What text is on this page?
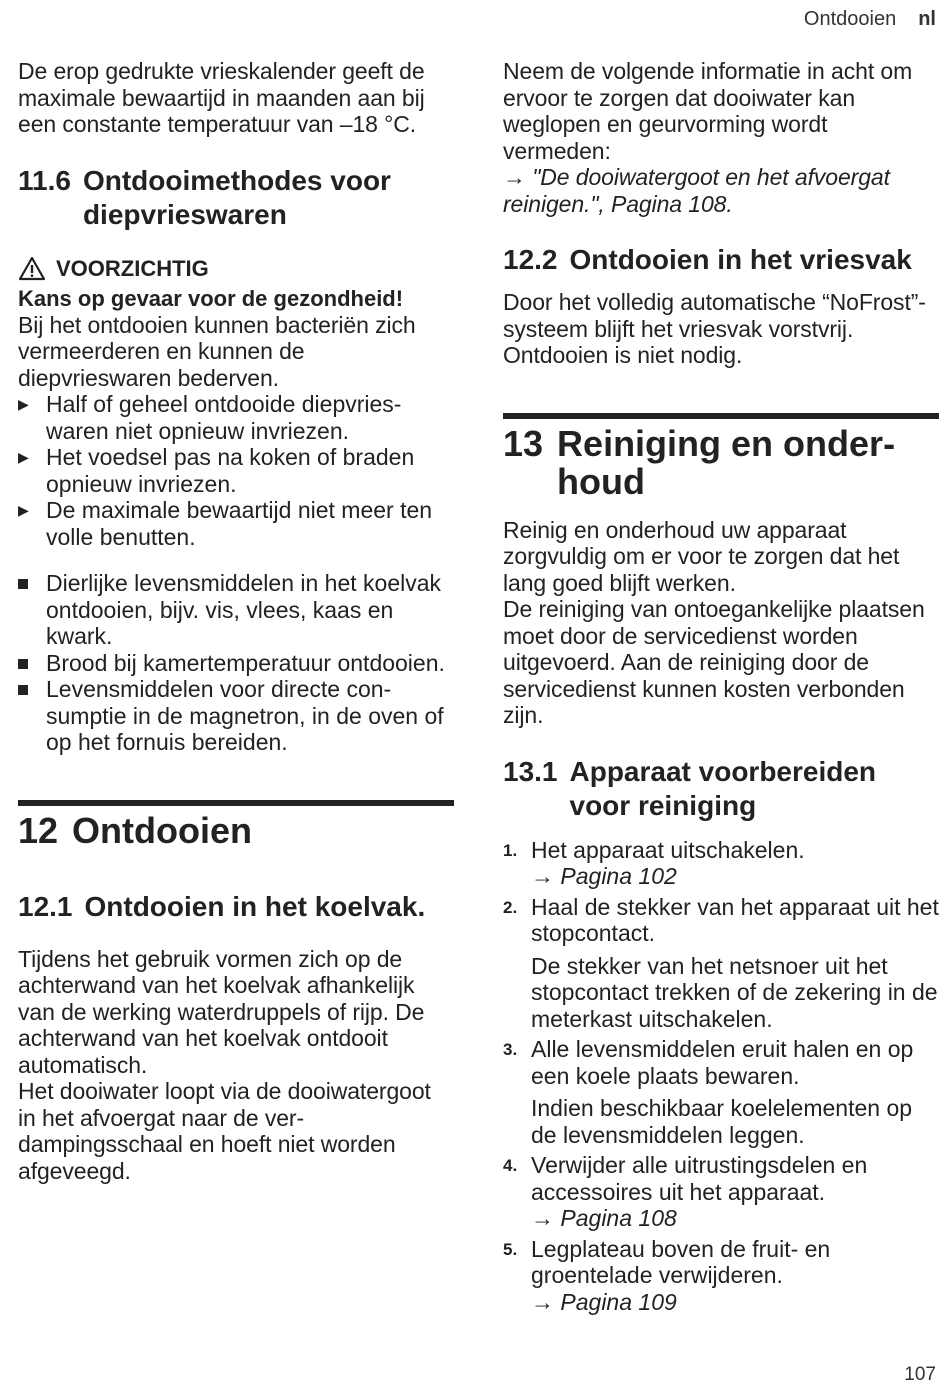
Ontdooien nl

De erop gedrukte vrieskalender geeft de maximale bewaartijd in maanden aan bij een constante temperatuur van –18 °C.

11.6 Ontdooimethodes voor diepvrieswaren
VOORZICHTIG
Kans op gevaar voor de gezondheid!

Bij het ontdooien kunnen bacteriën zich vermeerderen en kunnen de diepvrieswaren bederven.

▶ Half of geheel ontdooide diepvrieswaren niet opnieuw invriezen.
▶ Het voedsel pas na koken of braden opnieuw invriezen.
▶ De maximale bewaartijd niet meer ten volle benutten.
Dierlijke levensmiddelen in het koelvak ontdooien, bijv. vis, vlees, kaas en kwark.
Brood bij kamertemperatuur ontdooien.
Levensmiddelen voor directe consumptie in de magnetron, in de oven of op het fornuis bereiden.
12 Ontdooien
12.1 Ontdooien in het koelvak.

Tijdens het gebruik vormen zich op de achterwand van het koelvak afhankelijk van de werking waterdruppels of rijp. De achterwand van het koelvak ontdooit automatisch.

Het dooiwater loopt via de dooiwatergoot in het afvoergat naar de verdampingsschaal en hoeft niet worden afgeveegd.

Neem de volgende informatie in acht om ervoor te zorgen dat dooiwater kan weglopen en geurvorming wordt vermeden:

→ "De dooiwatergoot en het afvoergat reinigen.", Pagina 108.

12.2 Ontdooien in het vriesvak

Door het volledig automatische “NoFrost”-systeem blijft het vriesvak vorstvrij. Ontdooien is niet nodig.

13 Reiniging en onderhoud

Reinig en onderhoud uw apparaat zorgvuldig om er voor te zorgen dat het lang goed blijft werken.

De reiniging van ontoegankelijke plaatsen moet door de servicedienst worden uitgevoerd. Aan de reiniging door de servicedienst kunnen kosten verbonden zijn.

13.1 Apparaat voorbereiden voor reiniging
1. Het apparaat uitschakelen.
→ Pagina 102
2. Haal de stekker van het apparaat uit het stopcontact.
De stekker van het netsnoer uit het stopcontact trekken of de zekering in de meterkast uitschakelen.
3. Alle levensmiddelen eruit halen en op een koele plaats bewaren.
Indien beschikbaar koelelementen op de levensmiddelen leggen.
4. Verwijder alle uitrustingsdelen en accessoires uit het apparaat.
→ Pagina 108
5. Legplateau boven de fruit- en groentelade verwijderen.
→ Pagina 109
107
